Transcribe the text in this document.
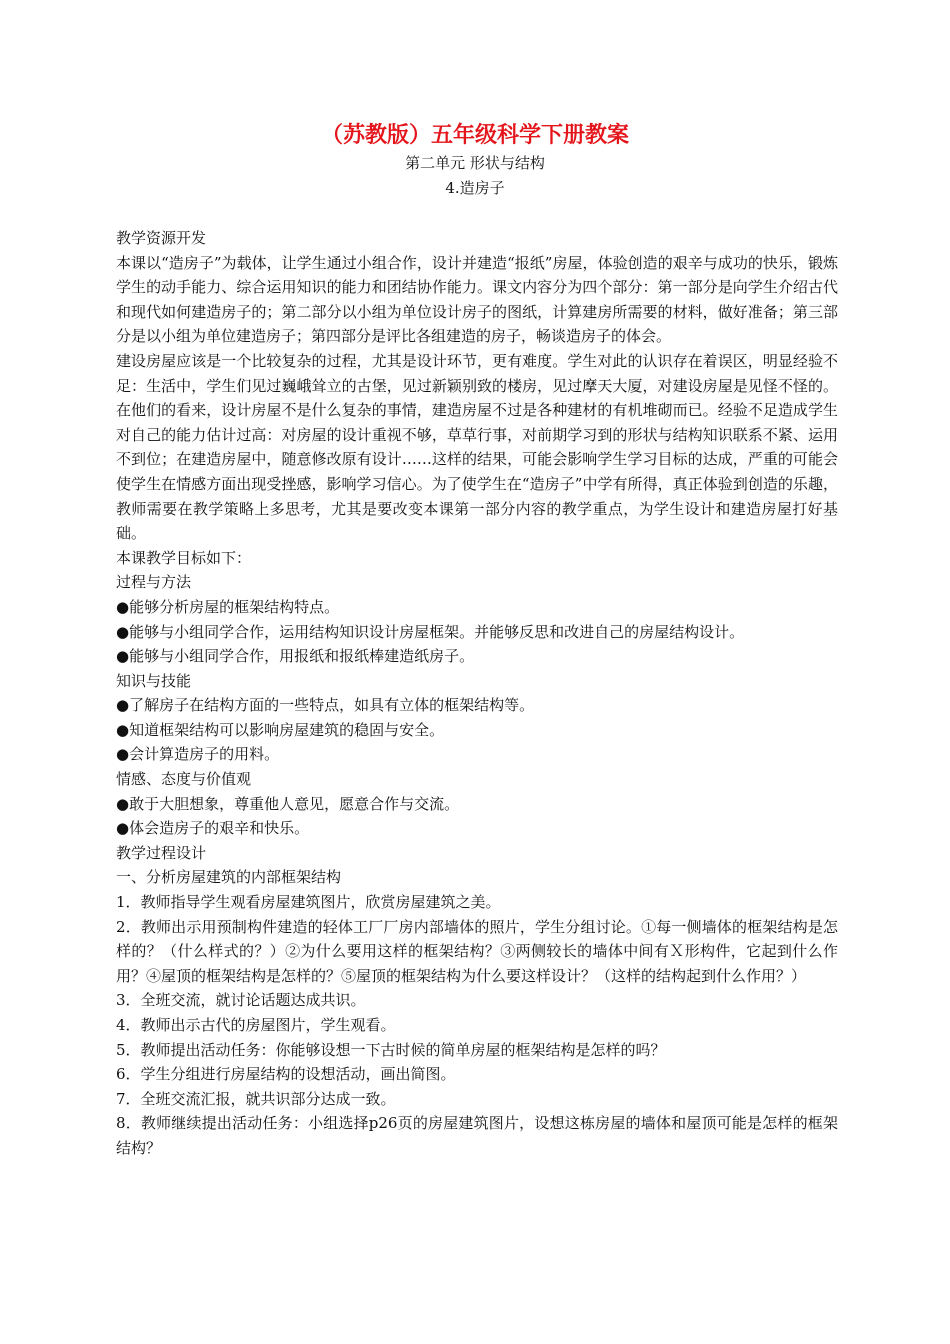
（苏教版）五年级科学下册教案
第二单元 形状与结构
4.造房子

教学资源开发

本课以“造房子”为载体，让学生通过小组合作，设计并建造“报纸”房屋，体验创造的艰辛与成功的快乐，锻炼学生的动手能力、综合运用知识的能力和团结协作能力。课文内容分为四个部分：第一部分是向学生介绍古代和现代如何建造房子的；第二部分以小组为单位设计房子的图纸，计算建房所需要的材料，做好准备；第三部分是以小组为单位建造房子；第四部分是评比各组建造的房子，畅谈造房子的体会。

建设房屋应该是一个比较复杂的过程，尤其是设计环节，更有难度。学生对此的认识存在着误区，明显经验不足：生活中，学生们见过巍峨耸立的古堡，见过新颖别致的楼房，见过摩天大厦，对建设房屋是见怪不怪的。在他们的看来，设计房屋不是什么复杂的事情，建造房屋不过是各种建材的有机堆砌而已。经验不足造成学生对自己的能力估计过高：对房屋的设计重视不够，草草行事，对前期学习到的形状与结构知识联系不紧、运用不到位；在建造房屋中，随意修改原有设计……这样的结果，可能会影响学生学习目标的达成，严重的可能会使学生在情感方面出现受挫感，影响学习信心。为了使学生在“造房子”中学有所得，真正体验到创造的乐趣，教师需要在教学策略上多思考，尤其是要改变本课第一部分内容的教学重点，为学生设计和建造房屋打好基础。

本课教学目标如下：

过程与方法

●能够分析房屋的框架结构特点。

●能够与小组同学合作，运用结构知识设计房屋框架。并能够反思和改进自己的房屋结构设计。

●能够与小组同学合作，用报纸和报纸棒建造纸房子。

知识与技能

●了解房子在结构方面的一些特点，如具有立体的框架结构等。

●知道框架结构可以影响房屋建筑的稳固与安全。

●会计算造房子的用料。

情感、态度与价值观

●敢于大胆想象，尊重他人意见，愿意合作与交流。

●体会造房子的艰辛和快乐。

教学过程设计

一、分析房屋建筑的内部框架结构

1．教师指导学生观看房屋建筑图片，欣赏房屋建筑之美。

2．教师出示用预制构件建造的轻体工厂厂房内部墙体的照片，学生分组讨论。①每一侧墙体的框架结构是怎样的？（什么样式的？）②为什么要用这样的框架结构？③两侧较长的墙体中间有Ｘ形构件，它起到什么作用？④屋顶的框架结构是怎样的？⑤屋顶的框架结构为什么要这样设计？（这样的结构起到什么作用？）

3．全班交流，就讨论话题达成共识。

4．教师出示古代的房屋图片，学生观看。

5．教师提出活动任务：你能够设想一下古时候的简单房屋的框架结构是怎样的吗？

6．学生分组进行房屋结构的设想活动，画出简图。

7．全班交流汇报，就共识部分达成一致。

8．教师继续提出活动任务：小组选择p26页的房屋建筑图片，设想这栋房屋的墙体和屋顶可能是怎样的框架结构？
